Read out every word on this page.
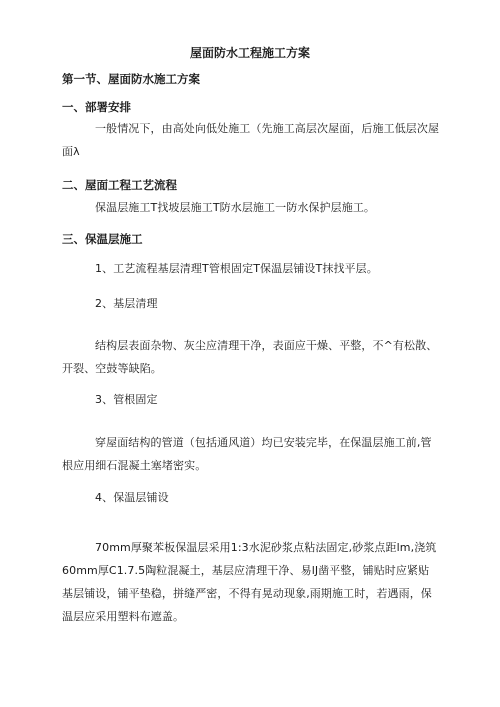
屋面防水工程施工方案
第一节、屋面防水施工方案
一、部署安排
一般情况下，由高处向低处施工（先施工高层次屋面，后施工低层次屋面λ
二、屋面工程工艺流程
保温层施工T找坡层施工T防水层施工一防水保护层施工。
三、保温层施工
1、工艺流程基层清理T管根固定T保温层铺设T抹找平层。
2、基层清理
结构层表面杂物、灰尘应清理干净，表面应干燥、平整，不^有松散、开裂、空鼓等缺陷。
3、管根固定
穿屋面结构的管道（包括通风道）均已安装完毕，在保温层施工前,管根应用细石混凝土塞堵密实。
4、保温层铺设
70mm厚聚苯板保温层采用1:3水泥砂浆点粘法固定,砂浆点距lm,浇筑60mm厚C1.7.5陶粒混凝土，基层应清理干净、易lJ凿平整，铺贴时应紧贴基层铺设，铺平垫稳，拼缝严密，不得有晃动现象,雨期施工时，若遇雨，保温层应采用塑料布遮盖。
